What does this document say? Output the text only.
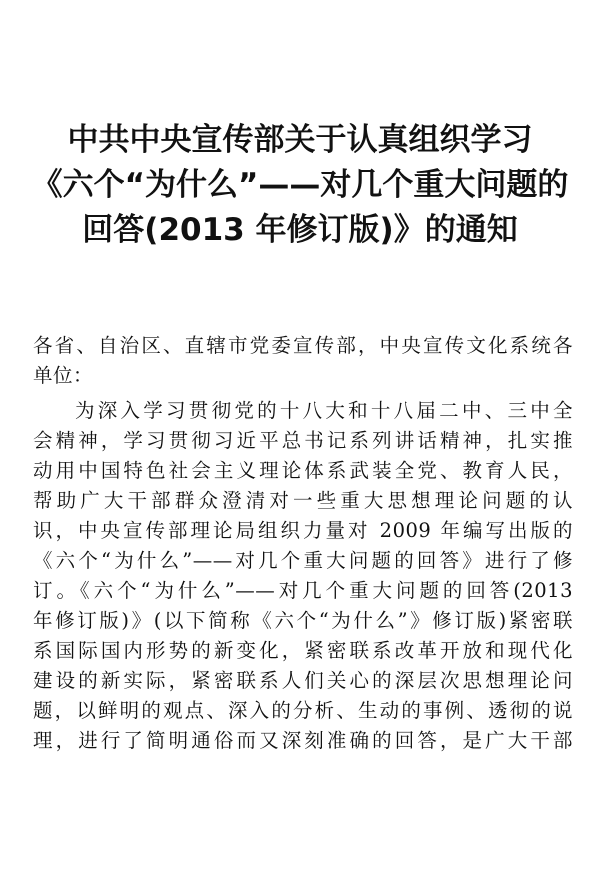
中共中央宣传部关于认真组织学习
《六个“为什么”——对几个重大问题的
回答(2013 年修订版)》的通知
各省、自治区、直辖市党委宣传部，中央宣传文化系统各
单位：
为深入学习贯彻党的十八大和十八届二中、三中全
会精神，学习贯彻习近平总书记系列讲话精神，扎实推
动用中国特色社会主义理论体系武装全党、教育人民，
帮助广大干部群众澄清对一些重大思想理论问题的认
识，中央宣传部理论局组织力量对 2009 年编写出版的
《六个“为什么”——对几个重大问题的回答》进行了修
订。《六个“为什么”——对几个重大问题的回答(2013
年修订版)》(以下简称《六个“为什么”》修订版)紧密联
系国际国内形势的新变化，紧密联系改革开放和现代化
建设的新实际，紧密联系人们关心的深层次思想理论问
题，以鲜明的观点、深入的分析、生动的事例、透彻的说
理，进行了简明通俗而又深刻准确的回答，是广大干部
